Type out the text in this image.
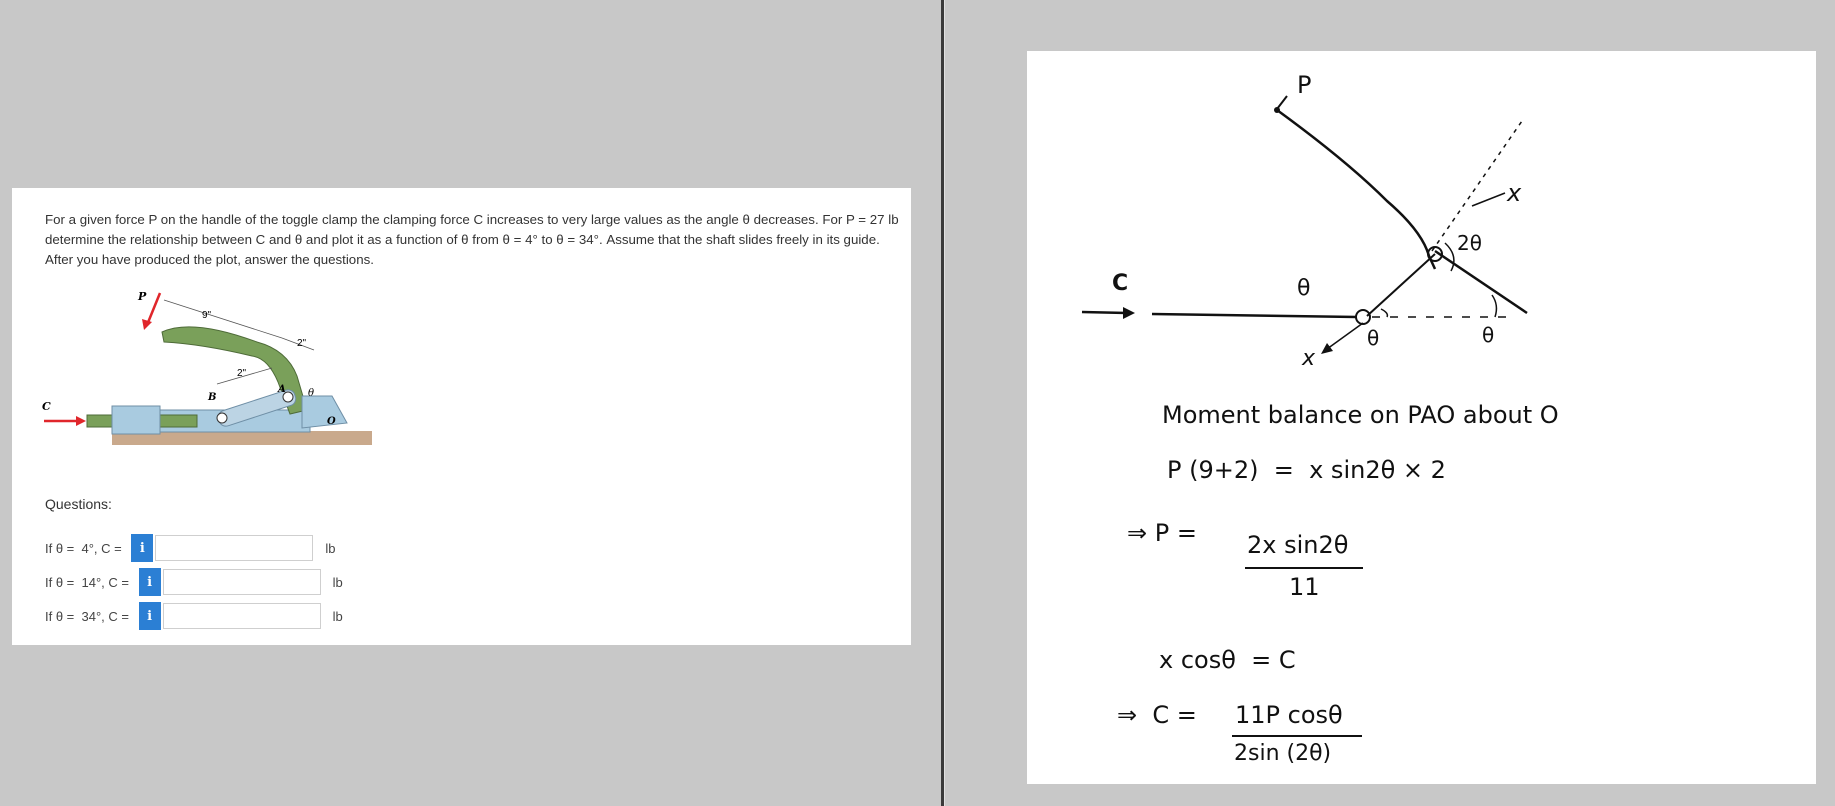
For a given force P on the handle of the toggle clamp the clamping force C increases to very large values as the angle θ decreases. For P = 27 lb determine the relationship between C and θ and plot it as a function of θ from θ = 4° to θ = 34°. Assume that the shaft slides freely in its guide. After you have produced the plot, answer the questions.
P
C
B
A
O
θ
9"
2"
2"
Questions:
If θ =  4°, C =	i	lb
If θ =  14°, C =	i	lb
If θ =  34°, C =	i	lb
P
x
2θ
C	θ
θ	θ
x
Moment balance on PAO about O
P (9+2)  =  x sin2θ × 2
⇒ P = 2x sin2θ
11
x cosθ  = C
⇒  C = 11P cosθ
2sin (2θ)
